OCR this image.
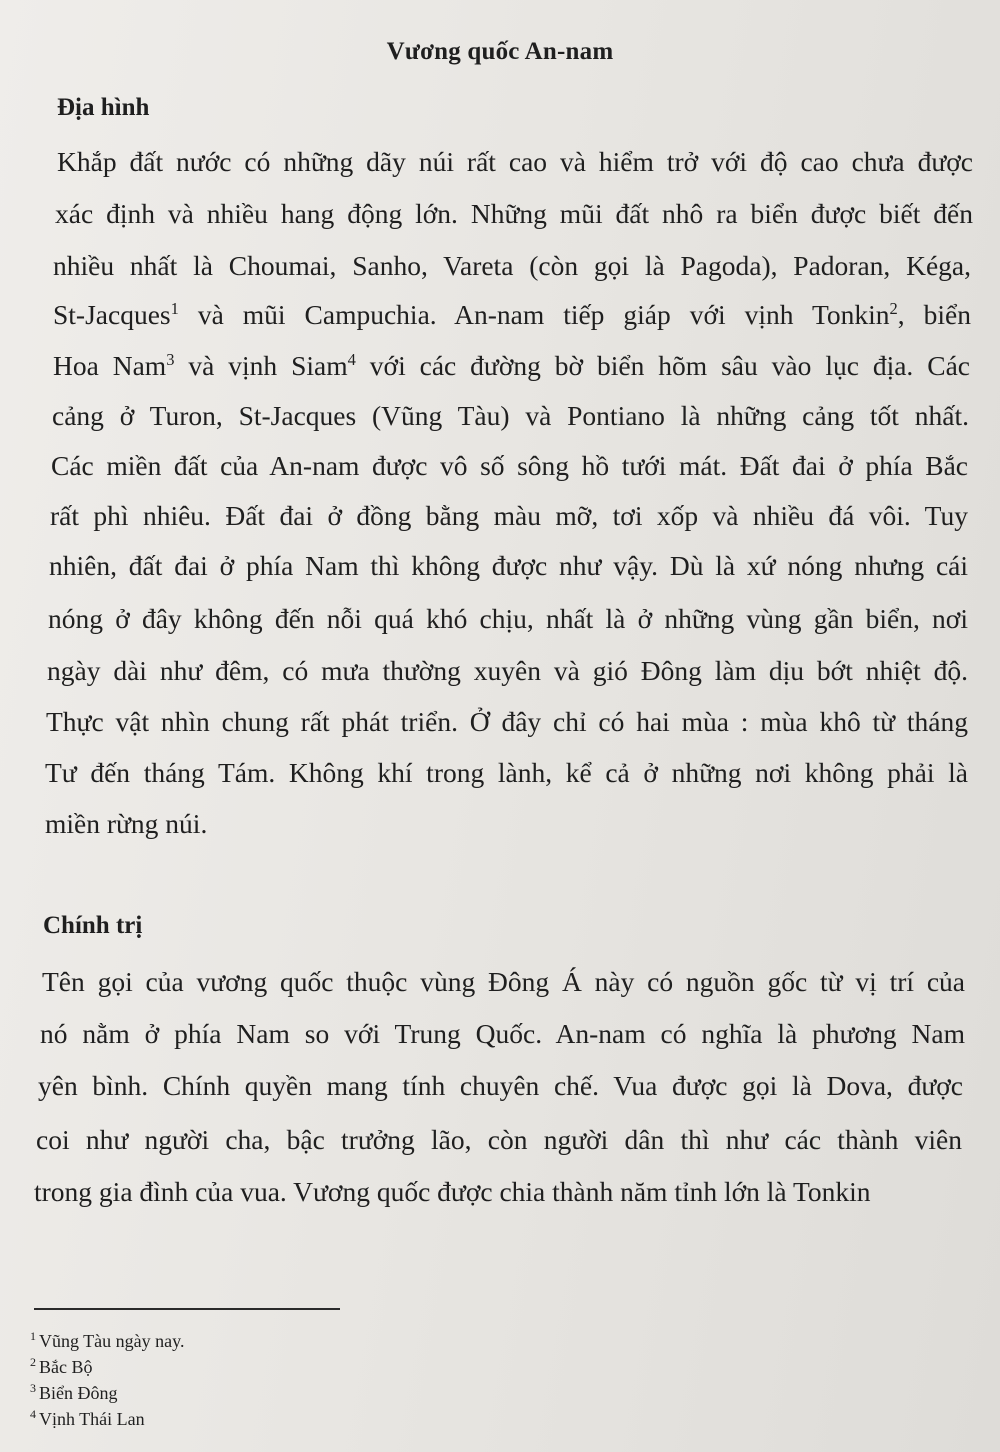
Vương quốc An-nam
Địa hình
Khắp đất nước có những dãy núi rất cao và hiểm trở với độ cao chưa được
xác định và nhiều hang động lớn. Những mũi đất nhô ra biển được biết đến
nhiều nhất là Choumai, Sanho, Vareta (còn gọi là Pagoda), Padoran, Kéga,
St-Jacques$^1$ và mũi Campuchia. An-nam tiếp giáp với vịnh Tonkin$^2$, biển
Hoa Nam$^3$ và vịnh Siam$^4$ với các đường bờ biển hõm sâu vào lục địa. Các
cảng ở Turon, St-Jacques (Vũng Tàu) và Pontiano là những cảng tốt nhất.
Các miền đất của An-nam được vô số sông hồ tưới mát. Đất đai ở phía Bắc
rất phì nhiêu. Đất đai ở đồng bằng màu mỡ, tơi xốp và nhiều đá vôi. Tuy
nhiên, đất đai ở phía Nam thì không được như vậy. Dù là xứ nóng nhưng cái
nóng ở đây không đến nỗi quá khó chịu, nhất là ở những vùng gần biển, nơi
ngày dài như đêm, có mưa thường xuyên và gió Đông làm dịu bớt nhiệt độ.
Thực vật nhìn chung rất phát triển. Ở đây chỉ có hai mùa : mùa khô từ tháng
Tư đến tháng Tám. Không khí trong lành, kể cả ở những nơi không phải là
miền rừng núi.
Chính trị
Tên gọi của vương quốc thuộc vùng Đông Á này có nguồn gốc từ vị trí của
nó nằm ở phía Nam so với Trung Quốc. An-nam có nghĩa là phương Nam
yên bình. Chính quyền mang tính chuyên chế. Vua được gọi là Dova, được
coi như người cha, bậc trưởng lão, còn người dân thì như các thành viên
trong gia đình của vua. Vương quốc được chia thành năm tỉnh lớn là Tonkin
$^1$ Vũng Tàu ngày nay.
$^2$ Bắc Bộ
$^3$ Biển Đông
$^4$ Vịnh Thái Lan
